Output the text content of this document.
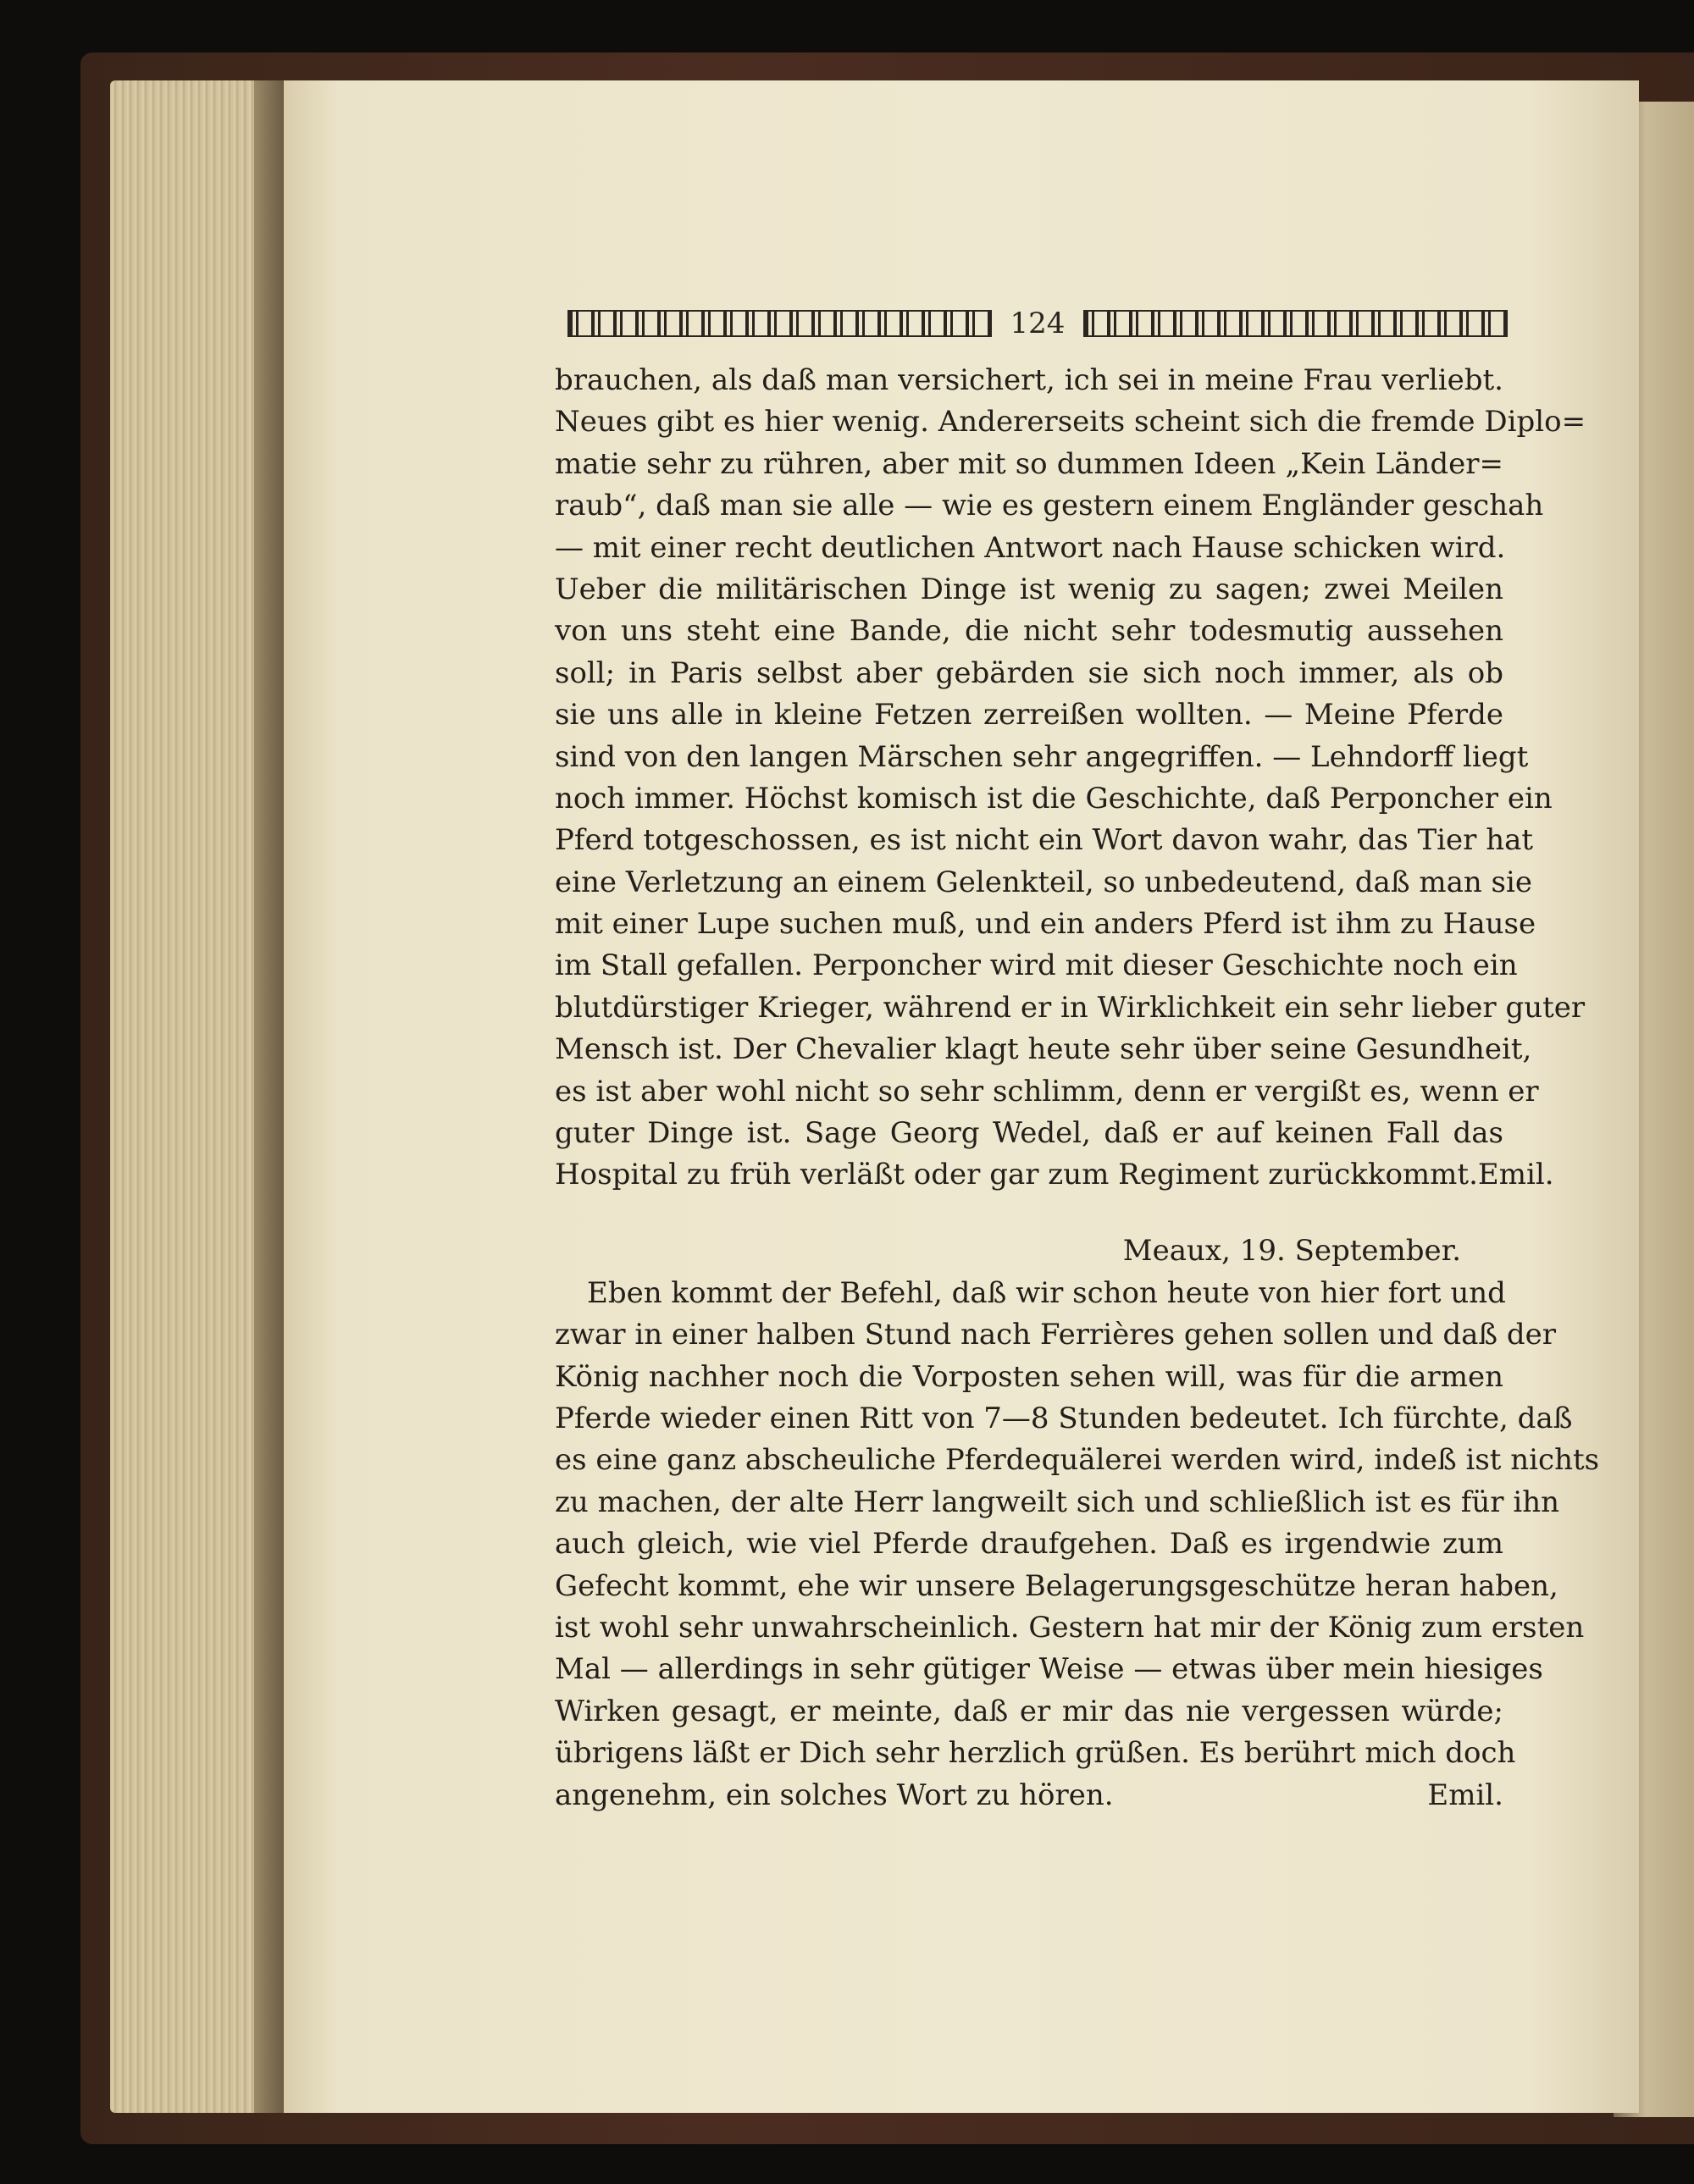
124
brauchen, als daß man versichert, ich sei in meine Frau verliebt.
Neues gibt es hier wenig. Andererseits scheint sich die fremde Diplo=
matie sehr zu rühren, aber mit so dummen Ideen „Kein Länder=
raub“, daß man sie alle — wie es gestern einem Engländer geschah
— mit einer recht deutlichen Antwort nach Hause schicken wird.
Ueber die militärischen Dinge ist wenig zu sagen; zwei Meilen
von uns steht eine Bande, die nicht sehr todesmutig aussehen
soll; in Paris selbst aber gebärden sie sich noch immer, als ob
sie uns alle in kleine Fetzen zerreißen wollten. — Meine Pferde
sind von den langen Märschen sehr angegriffen. — Lehndorff liegt
noch immer. Höchst komisch ist die Geschichte, daß Perponcher ein
Pferd totgeschossen, es ist nicht ein Wort davon wahr, das Tier hat
eine Verletzung an einem Gelenkteil, so unbedeutend, daß man sie
mit einer Lupe suchen muß, und ein anders Pferd ist ihm zu Hause
im Stall gefallen. Perponcher wird mit dieser Geschichte noch ein
blutdürstiger Krieger, während er in Wirklichkeit ein sehr lieber guter
Mensch ist. Der Chevalier klagt heute sehr über seine Gesundheit,
es ist aber wohl nicht so sehr schlimm, denn er vergißt es, wenn er
guter Dinge ist. Sage Georg Wedel, daß er auf keinen Fall das
Hospital zu früh verläßt oder gar zum Regiment zurückkommt. Emil.
Meaux, 19. September.
Eben kommt der Befehl, daß wir schon heute von hier fort und
zwar in einer halben Stund nach Ferrières gehen sollen und daß der
König nachher noch die Vorposten sehen will, was für die armen
Pferde wieder einen Ritt von 7—8 Stunden bedeutet. Ich fürchte, daß
es eine ganz abscheuliche Pferdequälerei werden wird, indeß ist nichts
zu machen, der alte Herr langweilt sich und schließlich ist es für ihn
auch gleich, wie viel Pferde draufgehen. Daß es irgendwie zum
Gefecht kommt, ehe wir unsere Belagerungsgeschütze heran haben,
ist wohl sehr unwahrscheinlich. Gestern hat mir der König zum ersten
Mal — allerdings in sehr gütiger Weise — etwas über mein hiesiges
Wirken gesagt, er meinte, daß er mir das nie vergessen würde;
übrigens läßt er Dich sehr herzlich grüßen. Es berührt mich doch
angenehm, ein solches Wort zu hören.	Emil.
